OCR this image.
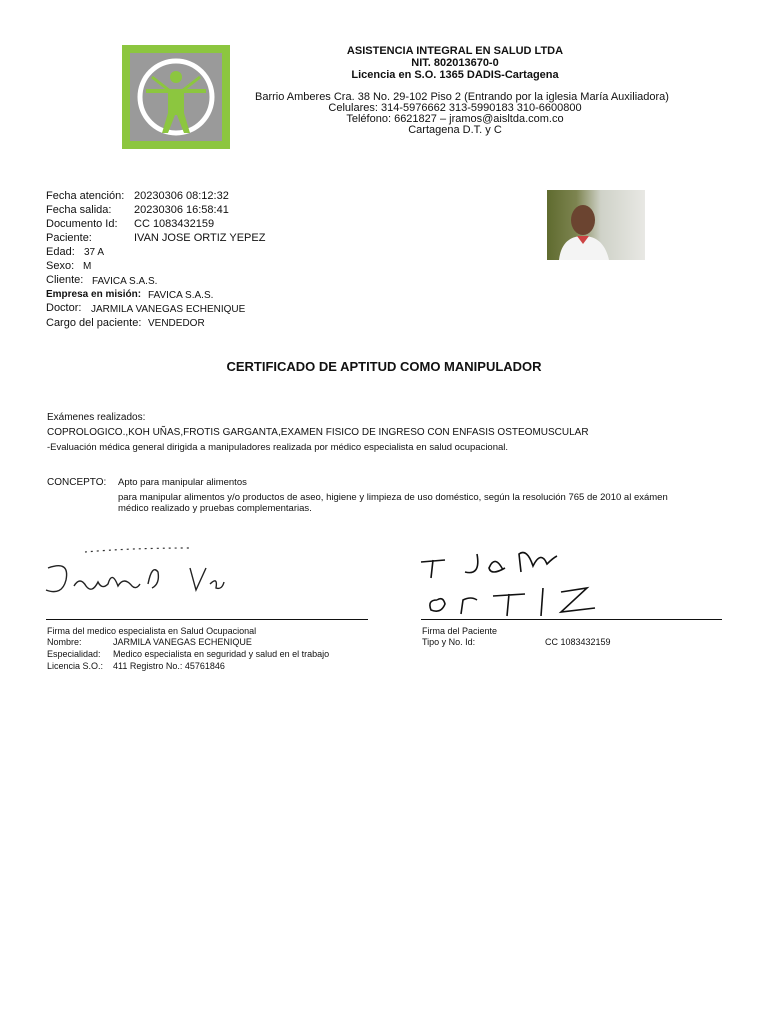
ASISTENCIA INTEGRAL EN SALUD LTDA
NIT. 802013670-0
Licencia en S.O. 1365 DADIS-Cartagena
Barrio Amberes Cra. 38 No. 29-102 Piso 2 (Entrando por la iglesia María Auxiliadora)
Celulares: 314-5976662 313-5990183 310-6600800
Teléfono: 6621827 – jramos@aisltda.com.co
Cartagena D.T. y C
Fecha atención: 20230306 08:12:32
Fecha salida: 20230306 16:58:41
Documento Id: CC 1083432159
Paciente:	IVAN JOSE ORTIZ YEPEZ
Edad: 37 A
Sexo: M
Cliente: FAVICA S.A.S.
Empresa en misión: FAVICA S.A.S.
Doctor: JARMILA VANEGAS ECHENIQUE
Cargo del paciente: VENDEDOR
CERTIFICADO DE APTITUD COMO MANIPULADOR
Exámenes realizados:
COPROLOGICO.,KOH UÑAS,FROTIS GARGANTA,EXAMEN FISICO DE INGRESO CON ENFASIS OSTEOMUSCULAR
-Evaluación médica general dirigida a manipuladores realizada por médico especialista en salud ocupacional.
CONCEPTO: Apto para manipular alimentos
para manipular alimentos y/o productos de aseo, higiene y limpieza de uso doméstico, según la resolución 765 de 2010 al exámen
médico realizado y pruebas complementarias.
Firma del medico especialista en Salud Ocupacional
Nombre:	JARMILA VANEGAS ECHENIQUE
Especialidad: Medico especialista en seguridad y salud en el trabajo
Licencia S.O.: 411 Registro No.: 45761846
Firma del Paciente
Tipo y No. Id:	CC 1083432159
